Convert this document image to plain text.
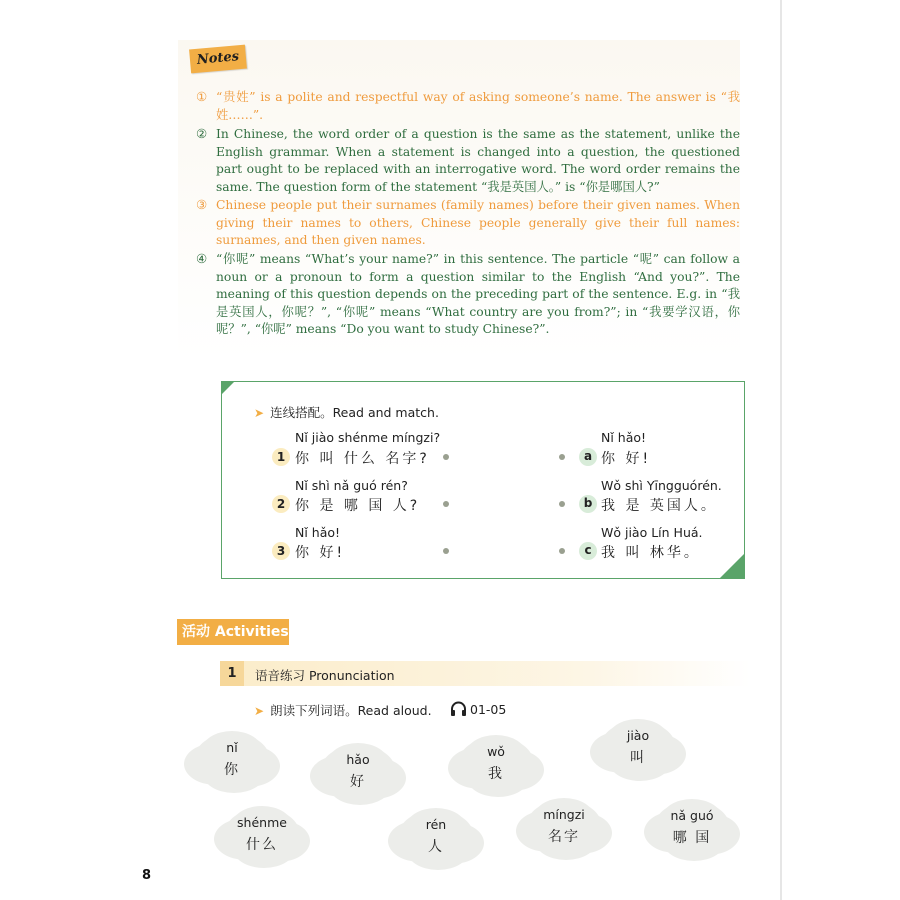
Notes
① “贵姓” is a polite and respectful way of asking someone’s name. The answer is “我姓……”.
② In Chinese, the word order of a question is the same as the statement, unlike the English grammar. When a statement is changed into a question, the questioned part ought to be replaced with an interrogative word. The word order remains the same. The question form of the statement “我是英国人。” is “你是哪国人?”
③ Chinese people put their surnames (family names) before their given names. When giving their names to others, Chinese people generally give their full names: surnames, and then given names.
④ “你呢” means “What’s your name?” in this sentence. The particle “呢” can follow a noun or a pronoun to form a question similar to the English “And you?”. The meaning of this question depends on the preceding part of the sentence. E.g. in “我是英国人，你呢？”, “你呢” means “What country are you from?”; in “我要学汉语，你呢？”, “你呢” means “Do you want to study Chinese?”.
➤ 连线搭配。Read and match.
Nǐ jiào shénme míngzi?
1 你 叫 什么 名字?
Nǐ shì nǎ guó rén?
2 你 是 哪 国 人?
Nǐ hǎo!
3 你 好!
Nǐ hǎo!
a 你 好!
Wǒ shì Yīngguórén.
b 我 是 英国人。
Wǒ jiào Lín Huá.
c 我 叫 林华。
活动 Activities
1	语音练习 Pronunciation
➤ 朗读下列词语。Read aloud.	01-05
nǐ
你
hǎo
好
wǒ
我
jiào
叫
shénme
什么
rén
人
míngzi
名字
nǎ guó
哪 国
8
